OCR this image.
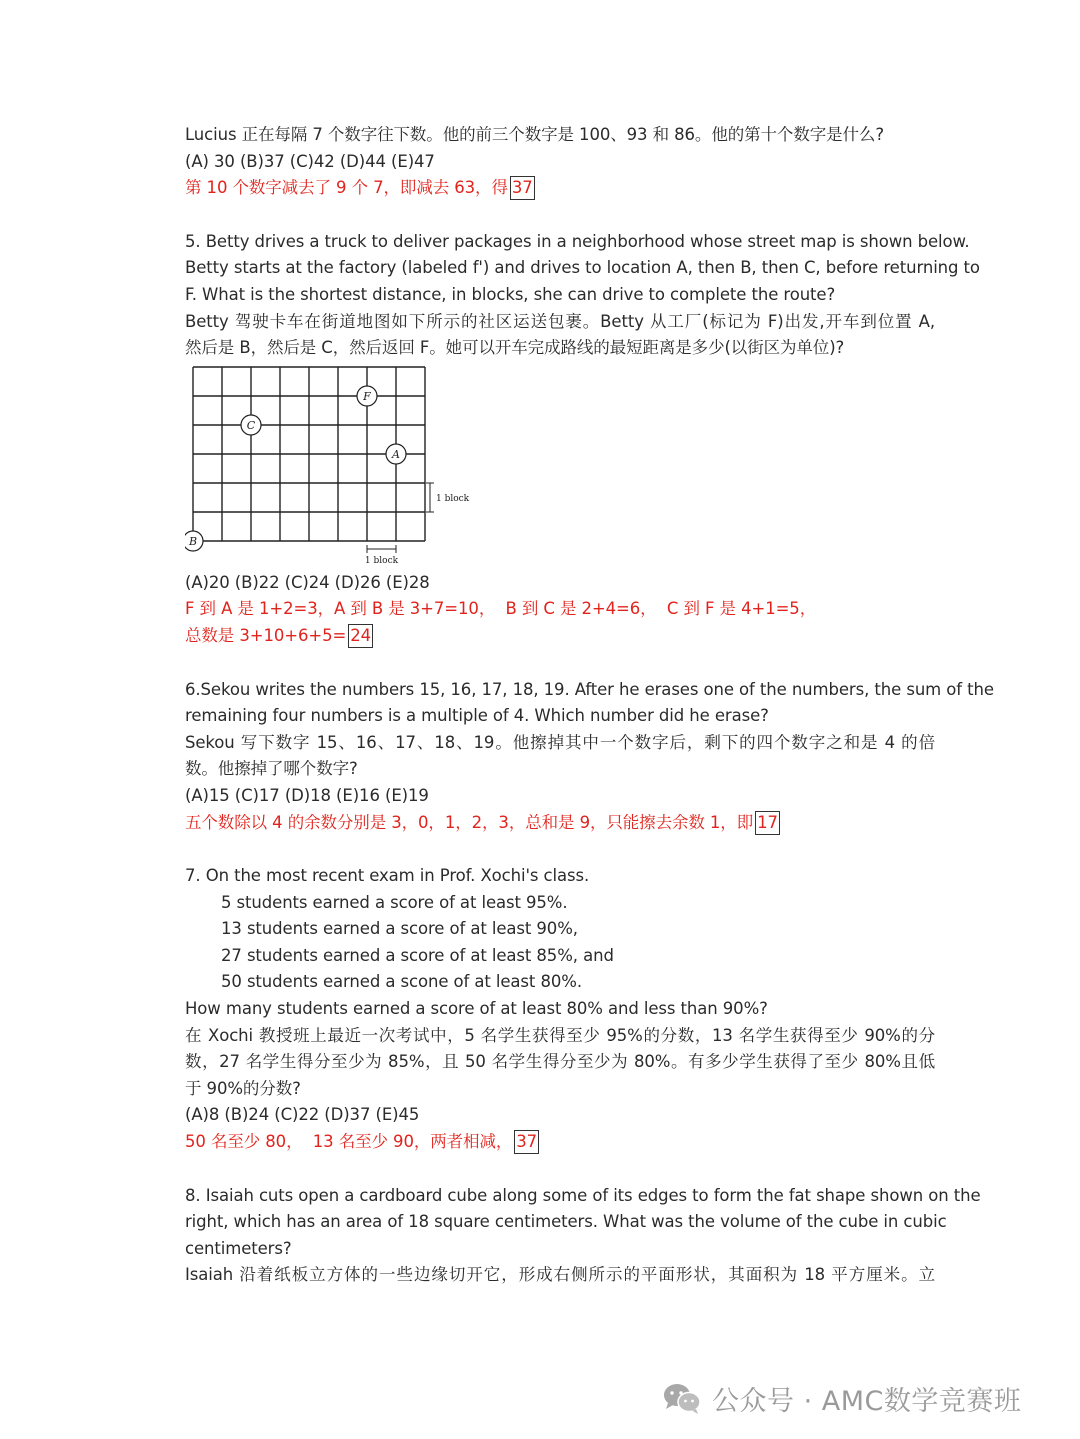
Lucius 正在每隔 7 个数字往下数。他的前三个数字是 100、93 和 86。他的第十个数字是什么?
(A) 30 (B)37 (C)42 (D)44 (E)47
第 10 个数字减去了 9 个 7，即减去 63，得 37
5. Betty drives a truck to deliver packages in a neighborhood whose street map is shown below.
Betty starts at the factory (labeled f') and drives to location A, then B, then C, before returning to
F. What is the shortest distance, in blocks, she can drive to complete the route?
Betty 驾驶卡车在街道地图如下所示的社区运送包裹。Betty 从工厂(标记为 F)出发,开车到位置 A,
然后是 B，然后是 C，然后返回 F。她可以开车完成路线的最短距离是多少(以街区为单位)?
F
C
A
B
1 block
1 block
(A)20 (B)22 (C)24 (D)26 (E)28
F 到 A 是 1+2=3，A 到 B 是 3+7=10，  B 到 C 是 2+4=6，  C 到 F 是 4+1=5，
总数是 3+10+6+5= 24
6.Sekou writes the numbers 15, 16, 17, 18, 19. After he erases one of the numbers, the sum of the
remaining four numbers is a multiple of 4. Which number did he erase?
Sekou 写下数字 15、16、17、18、19。他擦掉其中一个数字后，剩下的四个数字之和是 4 的倍
数。他擦掉了哪个数字?
(A)15 (C)17 (D)18 (E)16 (E)19
五个数除以 4 的余数分别是 3，0，1，2，3，总和是 9，只能擦去余数 1，即 17
7. On the most recent exam in Prof. Xochi's class.
5 students earned a score of at least 95%.
13 students earned a score of at least 90%,
27 students earned a score of at least 85%, and
50 students earned a scone of at least 80%.
How many students earned a score of at least 80% and less than 90%?
在 Xochi 教授班上最近一次考试中，5 名学生获得至少 95%的分数，13 名学生获得至少 90%的分
数，27 名学生得分至少为 85%，且 50 名学生得分至少为 80%。有多少学生获得了至少 80%且低
于 90%的分数?
(A)8 (B)24 (C)22 (D)37 (E)45
50 名至少 80，  13 名至少 90，两者相减， 37
8. Isaiah cuts open a cardboard cube along some of its edges to form the fat shape shown on the
right, which has an area of 18 square centimeters. What was the volume of the cube in cubic
centimeters?
Isaiah 沿着纸板立方体的一些边缘切开它，形成右侧所示的平面形状，其面积为 18 平方厘米。立
公众号 · AMC数学竞赛班
